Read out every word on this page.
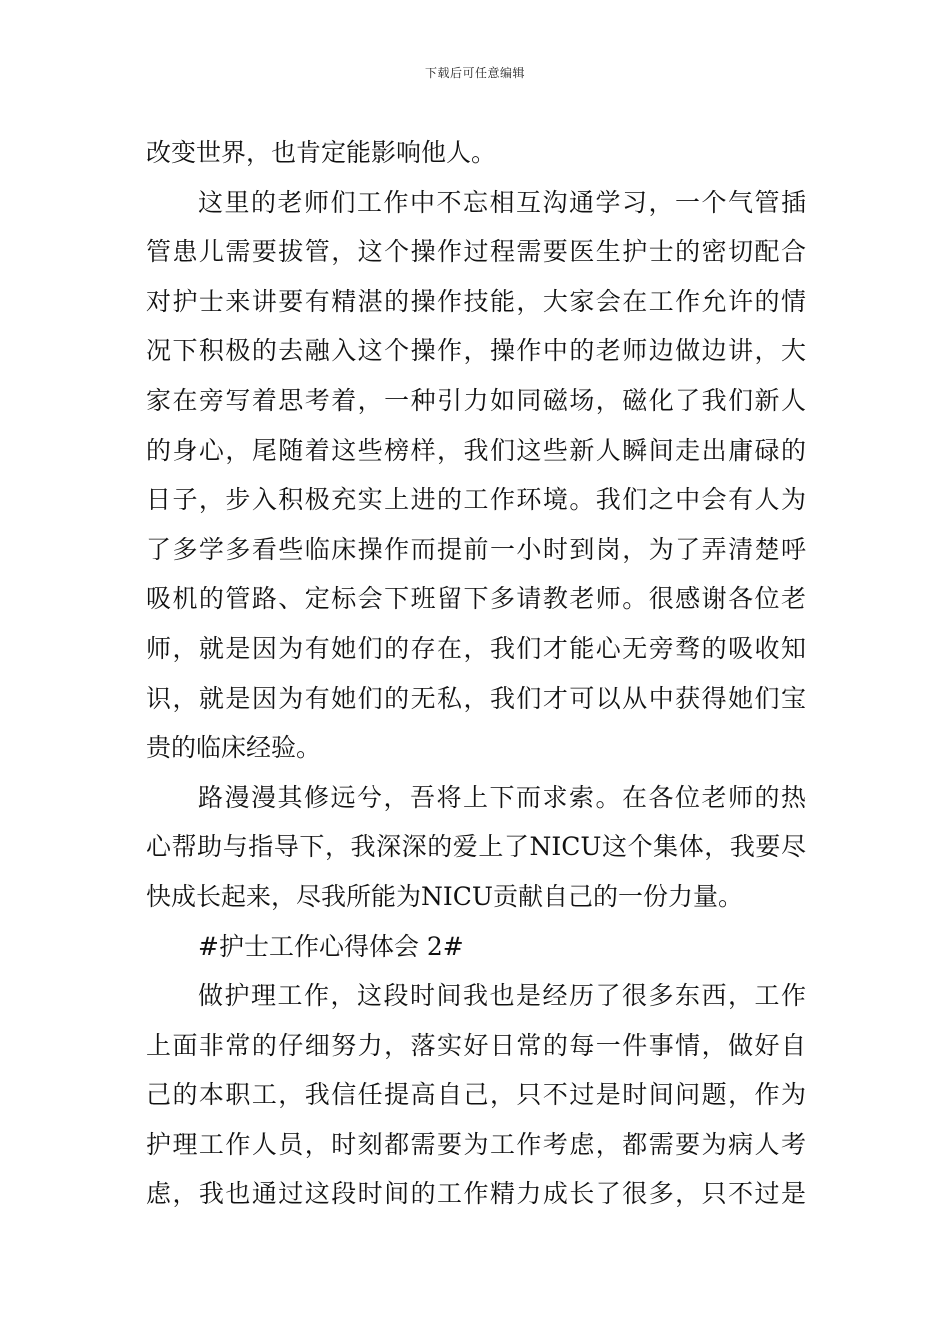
下载后可任意编辑
改变世界，也肯定能影响他人。
这里的老师们工作中不忘相互沟通学习，一个气管插
管患儿需要拔管，这个操作过程需要医生护士的密切配合
对护士来讲要有精湛的操作技能，大家会在工作允许的情
况下积极的去融入这个操作，操作中的老师边做边讲，大
家在旁写着思考着，一种引力如同磁场，磁化了我们新人
的身心，尾随着这些榜样，我们这些新人瞬间走出庸碌的
日子，步入积极充实上进的工作环境。我们之中会有人为
了多学多看些临床操作而提前一小时到岗，为了弄清楚呼
吸机的管路、定标会下班留下多请教老师。很感谢各位老
师，就是因为有她们的存在，我们才能心无旁骛的吸收知
识，就是因为有她们的无私，我们才可以从中获得她们宝
贵的临床经验。
路漫漫其修远兮，吾将上下而求索。在各位老师的热
心帮助与指导下，我深深的爱上了NICU这个集体，我要尽
快成长起来，尽我所能为NICU贡献自己的一份力量。
#护士工作心得体会 2#
做护理工作，这段时间我也是经历了很多东西，工作
上面非常的仔细努力，落实好日常的每一件事情，做好自
己的本职工，我信任提高自己，只不过是时间问题，作为
护理工作人员，时刻都需要为工作考虑，都需要为病人考
虑，我也通过这段时间的工作精力成长了很多，只不过是
